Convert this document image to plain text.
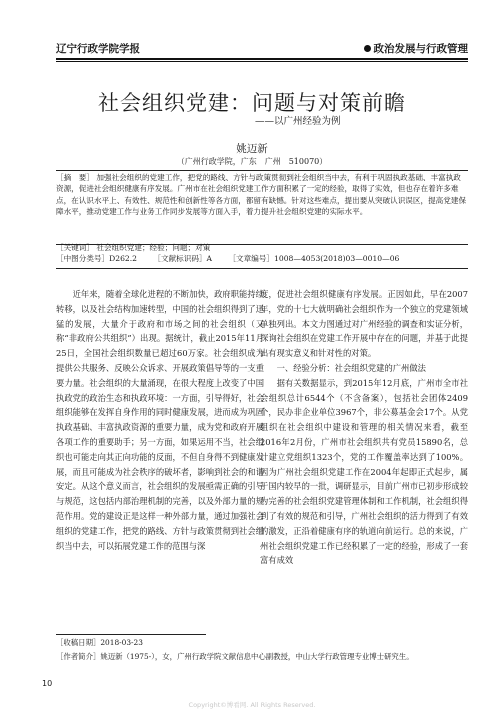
辽宁行政学院学报	政治发展与行政管理
社会组织党建：问题与对策前瞻
——以广州经验为例
姚迈新
（广州行政学院，广东　广州　510070）
［摘　要］ 加强社会组织的党建工作，把党的路线、方针与政策贯彻到社会组织当中去，有利于巩固执政基础、丰富执政资源，促进社会组织健康有序发展。广州市在社会组织党建工作方面积累了一定的经验，取得了实效，但也存在着许多难点，在认识水平上、有效性、规范性和创新性等各方面，都留有缺憾。针对这些难点，提出要从突破认识误区，提高党建保障水平，推动党建工作与业务工作同步发展等方面入手，着力提升社会组织党建的实际水平。
［关键词］ 社会组织党建；经验；问题；对策
［中图分类号］D262.2 ［文献标识码］A ［文章编号］1008—4053(2018)03—0010—06

近年来，随着全球化进程的不断加快，政府职能持续转移，以及社会结构加速转型，中国的社会组织得到了迅猛的发展，大量介于政府和市场之间的社会组织（又称“非政府公共组织”）出现。据统计，截止2015年11月25日，全国社会组织数量已超过60万家。社会组织成为提供公共服务、反映公众诉求、开展政策倡导等的一支重要力量。社会组织的大量涌现，在很大程度上改变了中国执政党的政治生态和执政环境：一方面，引导得好，社会组织能够在发挥自身作用的同时健康发展，进而成为巩固执政基础、丰富执政资源的重要力量，成为党和政府开展各项工作的重要助手；另一方面，如果运用不当，社会组织也可能走向其正向功能的反面，不但自身得不到健康发展，而且可能成为社会秩序的破坏者，影响到社会的和谐安定。从这个意义而言，社会组织的发展亟需正确的引导与规范，这包括内部治理机制的完善，以及外部力量的规范作用。党的建设正是这样一种外部力量，通过加强社会组织的党建工作，把党的路线、方针与政策贯彻到社会组织当中去，可以拓展党建工作的范围与深

度，促进社会组织健康有序发展。正因如此，早在2007年，党的十七大就明确社会组织作为一个独立的党建领域单独列出。本文力图通过对广州经验的调查和实证分析，探询社会组织在党建工作开展中存在的问题，并基于此提出有现实意义和针对性的对策。

一、经验分析：社会组织党建的广州做法

据有关数据显示，到2015年12月底，广州市全市社会组织总计6544个（不含备案），包括社会团体2409个，民办非企业单位3967个，非公募基金会17个。从党组织在社会组织中建设和管理的相关情况来看，截至2016年2月份，广州市社会组织共有党员15890名，总计建立党组织1323个，党的工作覆盖率达到了100%。因为广州社会组织党建工作在2004年起即正式起步，属于国内较早的一批，调研显示，目前广州市已初步形成较为完善的社会组织党建管理体制和工作机制，社会组织得到了有效的规范和引导，广州社会组织的活力得到了有效的激发，正沿着健康有序的轨道向前运行。总的来说，广州社会组织党建工作已经积累了一定的经验，形成了一套富有成效

［收稿日期］2018-03-23
［作者简介］姚迈新（1975-），女，广州行政学院文献信息中心副教授，中山大学行政管理专业博士研究生。
10
Copyright©博看网. All Rights Reserved.
